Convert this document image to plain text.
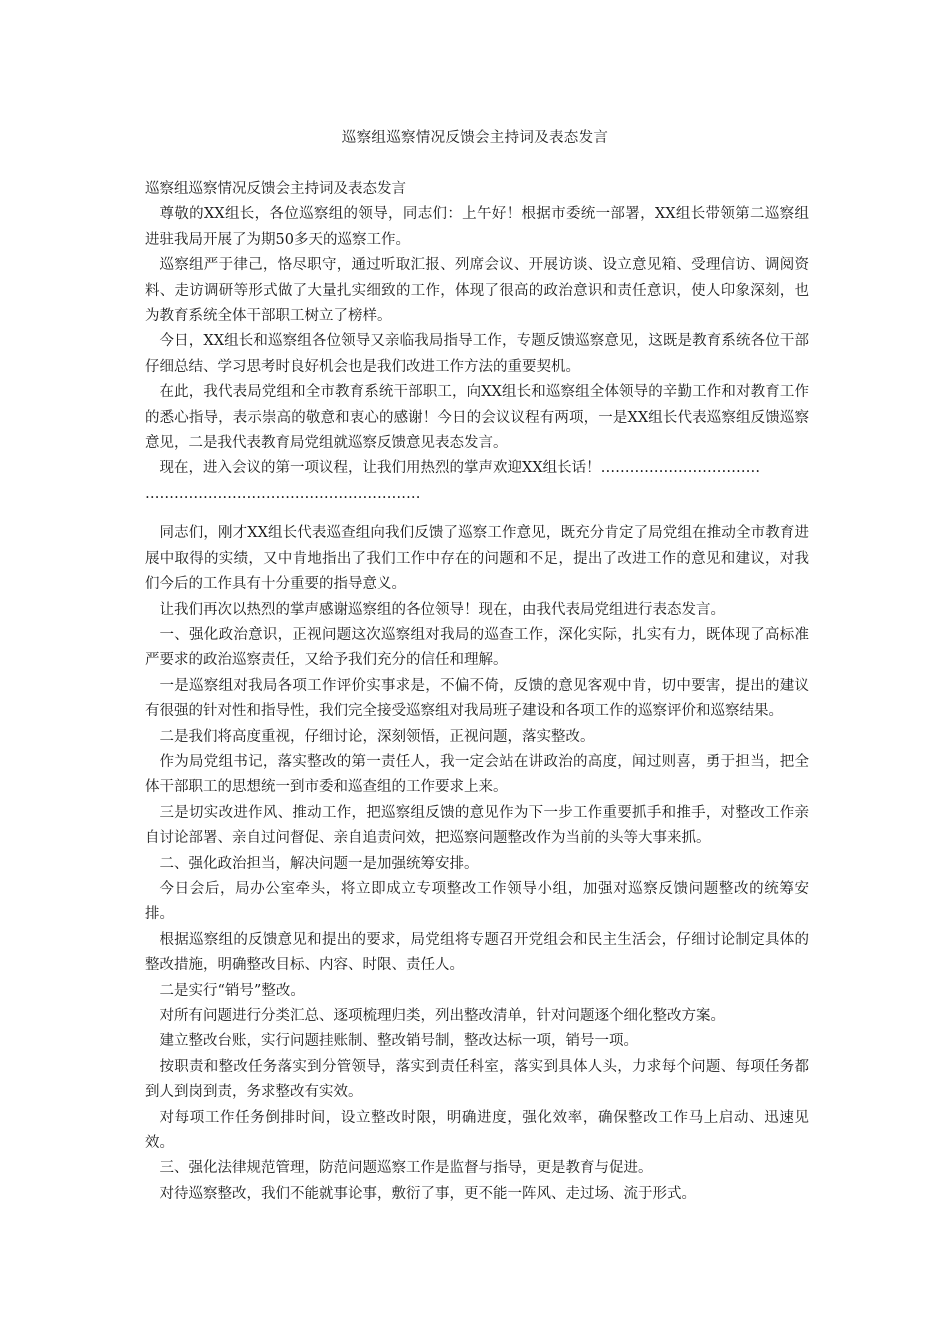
巡察组巡察情况反馈会主持词及表态发言

巡察组巡察情况反馈会主持词及表态发言

尊敬的XX组长，各位巡察组的领导，同志们：上午好！根据市委统一部署，XX组长带领第二巡察组进驻我局开展了为期50多天的巡察工作。

巡察组严于律己，恪尽职守，通过听取汇报、列席会议、开展访谈、设立意见箱、受理信访、调阅资料、走访调研等形式做了大量扎实细致的工作，体现了很高的政治意识和责任意识，使人印象深刻，也为教育系统全体干部职工树立了榜样。

今日，XX组长和巡察组各位领导又亲临我局指导工作，专题反馈巡察意见，这既是教育系统各位干部仔细总结、学习思考时良好机会也是我们改进工作方法的重要契机。

在此，我代表局党组和全市教育系统干部职工，向XX组长和巡察组全体领导的辛勤工作和对教育工作的悉心指导，表示崇高的敬意和衷心的感谢！今日的会议议程有两项，一是XX组长代表巡察组反馈巡察意见，二是我代表教育局党组就巡察反馈意见表态发言。

现在，进入会议的第一项议程，让我们用热烈的掌声欢迎XX组长话！……………………………

…………………………………………………

同志们，刚才XX组长代表巡查组向我们反馈了巡察工作意见，既充分肯定了局党组在推动全市教育进展中取得的实绩，又中肯地指出了我们工作中存在的问题和不足，提出了改进工作的意见和建议，对我们今后的工作具有十分重要的指导意义。

让我们再次以热烈的掌声感谢巡察组的各位领导！现在，由我代表局党组进行表态发言。

一、强化政治意识，正视问题这次巡察组对我局的巡查工作，深化实际，扎实有力，既体现了高标准严要求的政治巡察责任，又给予我们充分的信任和理解。

一是巡察组对我局各项工作评价实事求是，不偏不倚，反馈的意见客观中肯，切中要害，提出的建议有很强的针对性和指导性，我们完全接受巡察组对我局班子建设和各项工作的巡察评价和巡察结果。

二是我们将高度重视，仔细讨论，深刻领悟，正视问题，落实整改。

作为局党组书记，落实整改的第一责任人，我一定会站在讲政治的高度，闻过则喜，勇于担当，把全体干部职工的思想统一到市委和巡查组的工作要求上来。

三是切实改进作风、推动工作，把巡察组反馈的意见作为下一步工作重要抓手和推手，对整改工作亲自讨论部署、亲自过问督促、亲自追责问效，把巡察问题整改作为当前的头等大事来抓。

二、强化政治担当，解决问题一是加强统筹安排。

今日会后，局办公室牵头，将立即成立专项整改工作领导小组，加强对巡察反馈问题整改的统筹安排。

根据巡察组的反馈意见和提出的要求，局党组将专题召开党组会和民主生活会，仔细讨论制定具体的整改措施，明确整改目标、内容、时限、责任人。

二是实行“销号”整改。

对所有问题进行分类汇总、逐项梳理归类，列出整改清单，针对问题逐个细化整改方案。

建立整改台账，实行问题挂账制、整改销号制，整改达标一项，销号一项。

按职责和整改任务落实到分管领导，落实到责任科室，落实到具体人头，力求每个问题、每项任务都到人到岗到责，务求整改有实效。

对每项工作任务倒排时间，设立整改时限，明确进度，强化效率，确保整改工作马上启动、迅速见效。

三、强化法律规范管理，防范问题巡察工作是监督与指导，更是教育与促进。

对待巡察整改，我们不能就事论事，敷衍了事，更不能一阵风、走过场、流于形式。
